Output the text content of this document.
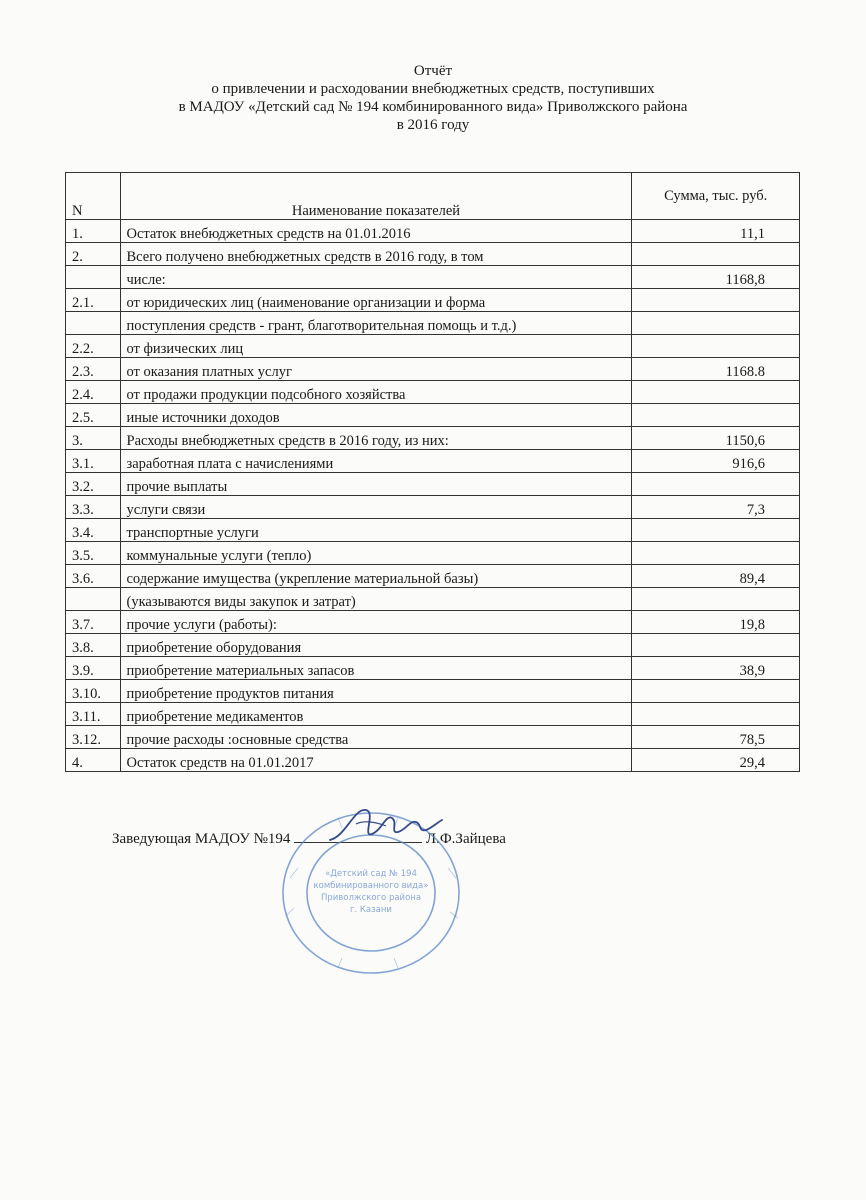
Отчёт
о привлечении и расходовании внебюджетных средств, поступивших
в МАДОУ «Детский сад № 194 комбинированного вида» Приволжского района
в 2016 году
N	Наименование показателей	Сумма, тыс. руб.
1.	Остаток внебюджетных средств на 01.01.2016	11,1
2.	Всего получено внебюджетных средств в 2016 году, в том	
	числе:	1168,8
2.1.	от юридических лиц (наименование организации и форма	
	поступления средств - грант, благотворительная помощь и т.д.)	
2.2.	от физических лиц	
2.3.	от оказания платных услуг	1168.8
2.4.	от продажи продукции подсобного хозяйства	
2.5.	иные источники доходов	
3.	Расходы внебюджетных средств в 2016 году, из них:	1150,6
3.1.	заработная плата с начислениями	916,6
3.2.	прочие выплаты	
3.3.	услуги связи	7,3
3.4.	транспортные услуги	
3.5.	коммунальные услуги (тепло)	
3.6.	содержание имущества (укрепление материальной базы)	89,4
	(указываются виды закупок и затрат)	
3.7.	прочие услуги (работы):	19,8
3.8.	приобретение оборудования	
3.9.	приобретение материальных запасов	38,9
3.10.	приобретение продуктов питания	
3.11.	приобретение медикаментов	
3.12.	прочие расходы :основные средства	78,5
4.	Остаток средств на 01.01.2017	29,4
Заведующая МАДОУ №194	Л.Ф.Зайцева
«Детский сад № 194
комбинированного вида»
Приволжского района
г. Казани
